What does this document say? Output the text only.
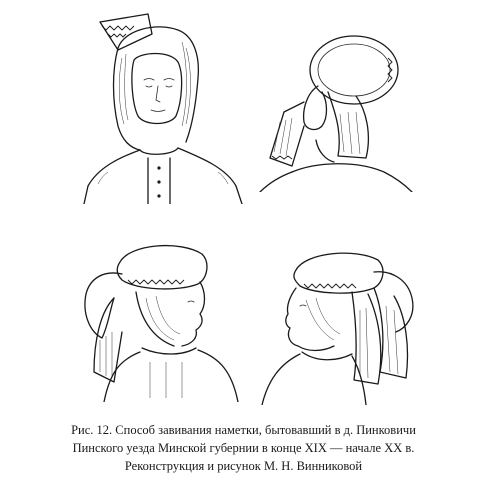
Рис. 12. Способ завивания наметки, бытовавший в д. Пинковичи
Пинского уезда Минской губернии в конце XIX — начале XX в.
Реконструкция и рисунок М. Н. Винниковой
